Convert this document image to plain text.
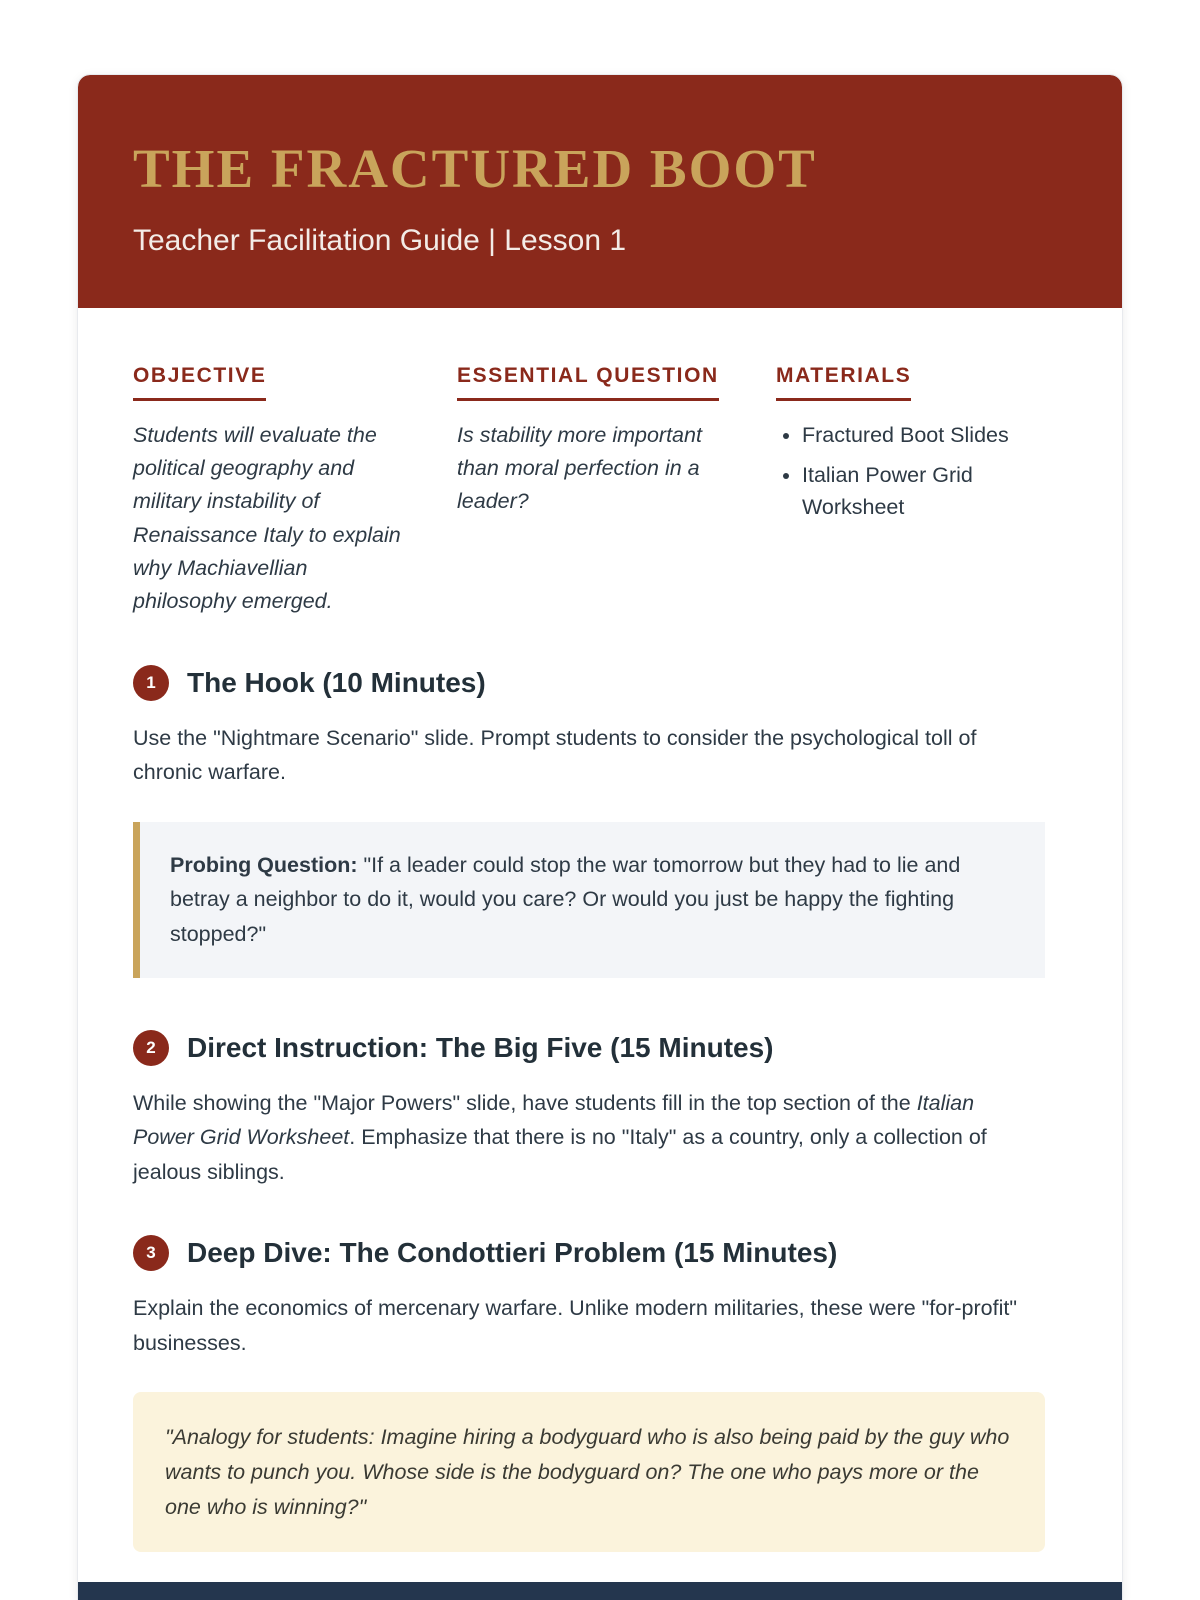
THE FRACTURED BOOT
Teacher Facilitation Guide | Lesson 1
OBJECTIVE
Students will evaluate the political geography and military instability of Renaissance Italy to explain why Machiavellian philosophy emerged.
ESSENTIAL QUESTION
Is stability more important than moral perfection in a leader?
MATERIALS
• Fractured Boot Slides
• Italian Power Grid Worksheet
1	The Hook (10 Minutes)

Use the "Nightmare Scenario" slide. Prompt students to consider the psychological toll of chronic warfare.

Probing Question: "If a leader could stop the war tomorrow but they had to lie and betray a neighbor to do it, would you care? Or would you just be happy the fighting stopped?"
2	Direct Instruction: The Big Five (15 Minutes)

While showing the "Major Powers" slide, have students fill in the top section of the Italian Power Grid Worksheet. Emphasize that there is no "Italy" as a country, only a collection of jealous siblings.

3	Deep Dive: The Condottieri Problem (15 Minutes)

Explain the economics of mercenary warfare. Unlike modern militaries, these were "for-profit" businesses.

"Analogy for students: Imagine hiring a bodyguard who is also being paid by the guy who wants to punch you. Whose side is the bodyguard on? The one who pays more or the one who is winning?"
